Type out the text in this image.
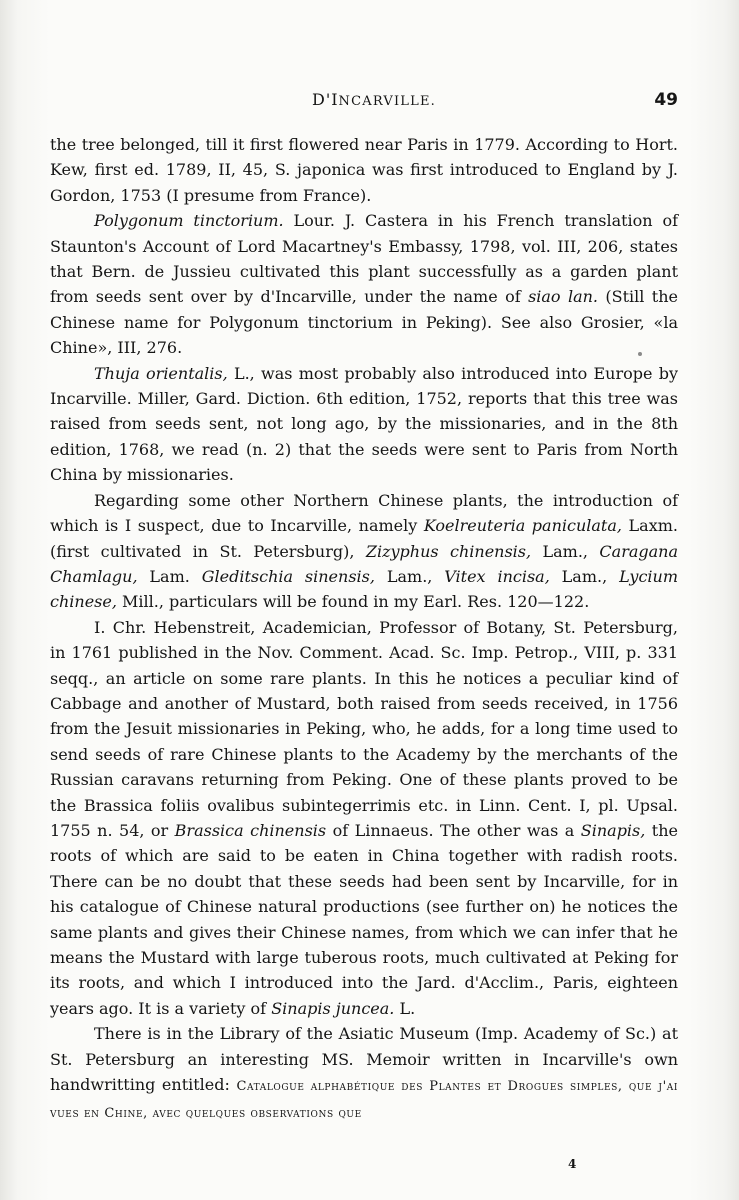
D'INCARVILLE.	49

the tree belonged, till it first flowered near Paris in 1779. According to Hort. Kew, first ed. 1789, II, 45, S. japonica was first introduced to England by J. Gordon, 1753 (I presume from France).

Polygonum tinctorium. Lour. J. Castera in his French translation of Staunton's Account of Lord Macartney's Embassy, 1798, vol. III, 206, states that Bern. de Jussieu cultivated this plant successfully as a garden plant from seeds sent over by d'Incarville, under the name of siao lan. (Still the Chinese name for Polygonum tinctorium in Peking). See also Grosier, «la Chine», III, 276.

Thuja orientalis, L., was most probably also introduced into Europe by Incarville. Miller, Gard. Diction. 6th edition, 1752, reports that this tree was raised from seeds sent, not long ago, by the missionaries, and in the 8th edition, 1768, we read (n. 2) that the seeds were sent to Paris from North China by missionaries.

Regarding some other Northern Chinese plants, the introduction of which is I suspect, due to Incarville, namely Koelreuteria paniculata, Laxm. (first cultivated in St. Petersburg), Zizyphus chinensis, Lam., Caragana Chamlagu, Lam. Gleditschia sinensis, Lam., Vitex incisa, Lam., Lycium chinese, Mill., particulars will be found in my Earl. Res. 120—122.

I. Chr. Hebenstreit, Academician, Professor of Botany, St. Petersburg, in 1761 published in the Nov. Comment. Acad. Sc. Imp. Petrop., VIII, p. 331 seqq., an article on some rare plants. In this he notices a peculiar kind of Cabbage and another of Mustard, both raised from seeds received, in 1756 from the Jesuit missionaries in Peking, who, he adds, for a long time used to send seeds of rare Chinese plants to the Academy by the merchants of the Russian caravans returning from Peking. One of these plants proved to be the Brassica foliis ovalibus subintegerrimis etc. in Linn. Cent. I, pl. Upsal. 1755 n. 54, or Brassica chinensis of Linnaeus. The other was a Sinapis, the roots of which are said to be eaten in China together with radish roots. There can be no doubt that these seeds had been sent by Incarville, for in his catalogue of Chinese natural productions (see further on) he notices the same plants and gives their Chinese names, from which we can infer that he means the Mustard with large tuberous roots, much cultivated at Peking for its roots, and which I introduced into the Jard. d'Acclim., Paris, eighteen years ago. It is a variety of Sinapis juncea. L.

There is in the Library of the Asiatic Museum (Imp. Academy of Sc.) at St. Petersburg an interesting MS. Memoir written in Incarville's own handwritting entitled: Catalogue alphabétique des Plantes et Drogues simples, que j'ai vues en Chine, avec quelques observations que

4
